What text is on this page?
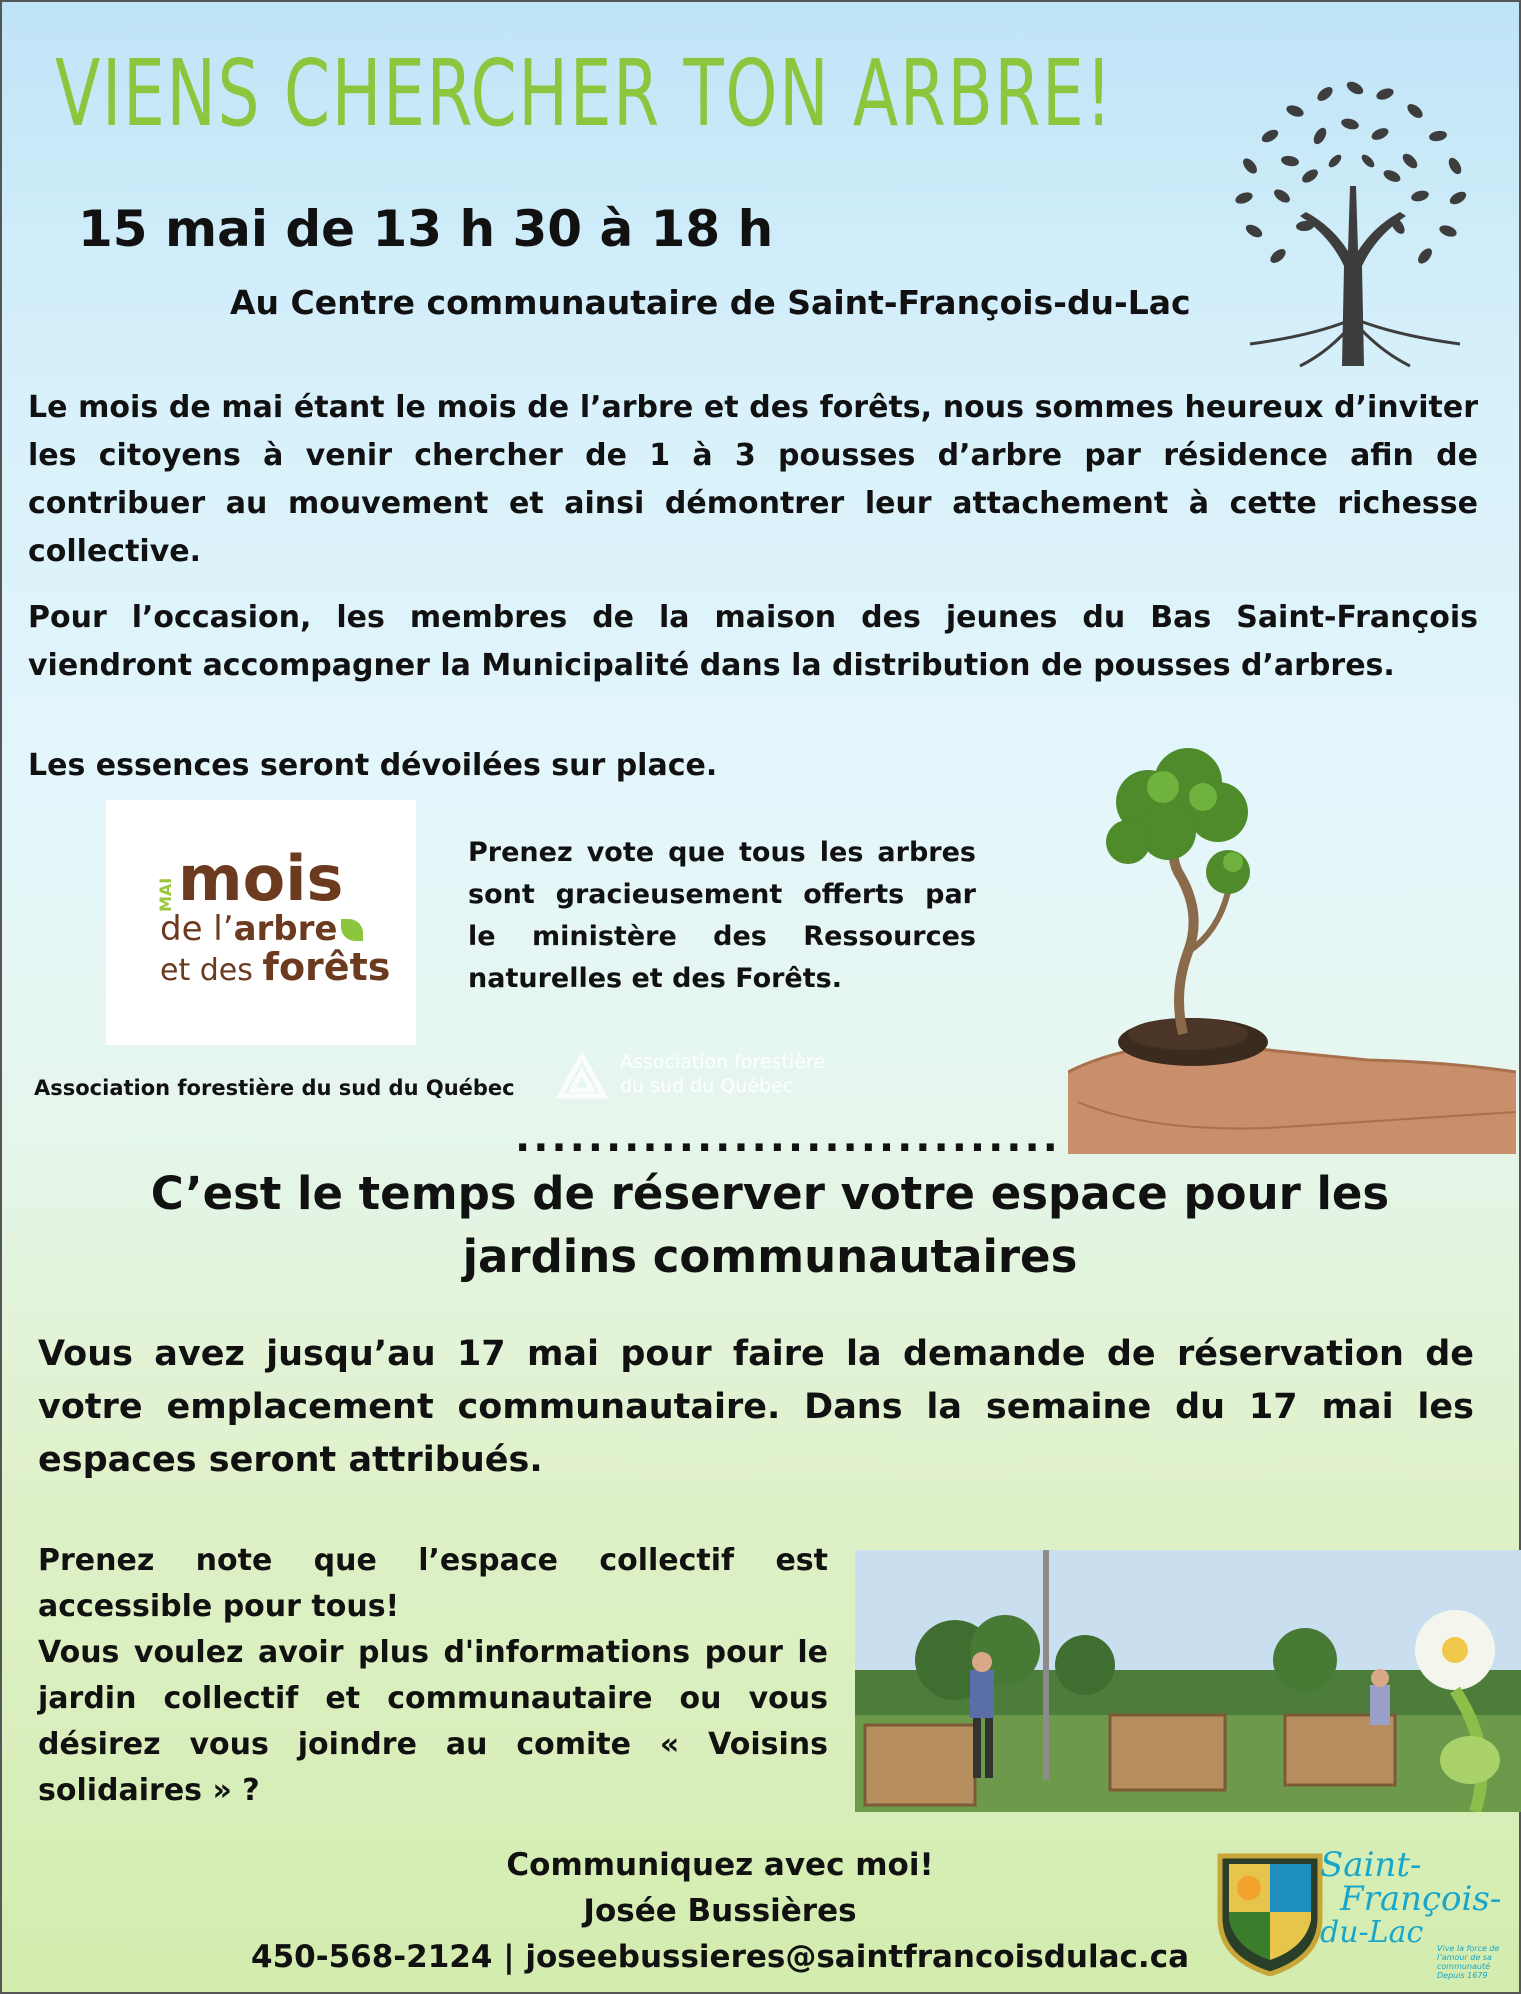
VIENS CHERCHER TON ARBRE!
15 mai de 13 h 30 à 18 h
Au Centre communautaire de Saint-François-du-Lac
Le mois de mai étant le mois de l’arbre et des forêts, nous sommes heureux d’inviter les citoyens à venir chercher de 1 à 3 pousses d’arbre par résidence afin de contribuer au mouvement et ainsi démontrer leur attachement à cette richesse collective.
Pour l’occasion, les membres de la maison des jeunes du Bas Saint-François viendront accompagner la Municipalité dans la distribution de pousses d’arbres.
Les essences seront dévoilées sur place.
MAI mois
de l’arbre
et des forêts
Prenez vote que tous les arbres sont gracieusement offerts par le ministère des Ressources naturelles et des Forêts.
Association forestière du sud du Québec
Association forestière
du sud du Québec
..............................
C’est le temps de réserver votre espace pour les jardins communautaires
Vous avez jusqu’au 17 mai pour faire la demande de réservation de votre emplacement communautaire. Dans la semaine du 17 mai les espaces seront attribués.
Prenez note que l’espace collectif est accessible pour tous!
Vous voulez avoir plus d'informations pour le jardin collectif et communautaire ou vous désirez vous joindre au comite « Voisins solidaires » ?
Communiquez avec moi!
Josée Bussières
450-568-2124 | joseebussieres@saintfrancoisdulac.ca
Saint-
François-
du-Lac	Vive la force de l’amour de sa communauté
Depuis 1679
